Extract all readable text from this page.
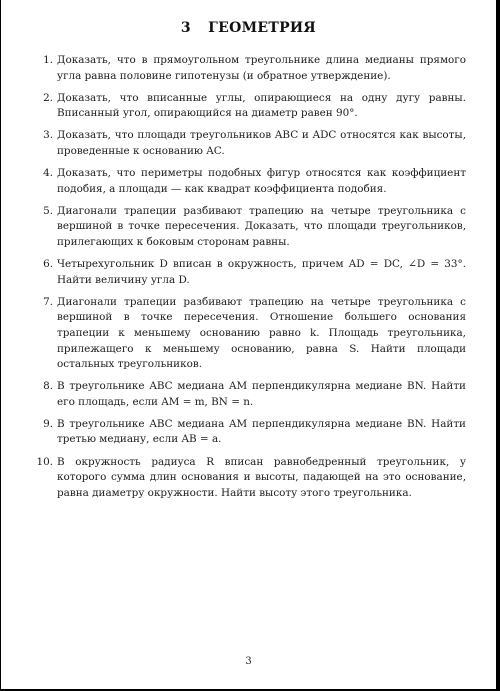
3 ГЕОМЕТРИЯ
1. Доказать, что в прямоугольном треугольнике длина медианы прямого угла равна половине гипотенузы (и обратное утверждение).
2. Доказать, что вписанные углы, опирающиеся на одну дугу равны. Вписанный угол, опирающийся на диаметр равен 90°.
3. Доказать, что площади треугольников ABC и ADC относятся как высоты, проведенные к основанию AC.
4. Доказать, что периметры подобных фигур относятся как коэффициент подобия, а площади — как квадрат коэффициента подобия.
5. Диагонали трапеции разбивают трапецию на четыре треугольника с вершиной в точке пересечения. Доказать, что площади треугольников, прилегающих к боковым сторонам равны.
6. Четырехугольник D вписан в окружность, причем AD = DC, ∠D = 33°. Найти величину угла D.
7. Диагонали трапеции разбивают трапецию на четыре треугольника с вершиной в точке пересечения. Отношение большего основания трапеции к меньшему основанию равно k. Площадь треугольника, прилежащего к меньшему основанию, равна S. Найти площади остальных треугольников.
8. В треугольнике ABC медиана AM перпендикулярна медиане BN. Найти его площадь, если AM = m, BN = n.
9. В треугольнике ABC медиана AM перпендикулярна медиане BN. Найти третью медиану, если AB = a.
10. В окружность радиуса R вписан равнобедренный треугольник, у которого сумма длин основания и высоты, падающей на это основание, равна диаметру окружности. Найти высоту этого треугольника.
3
